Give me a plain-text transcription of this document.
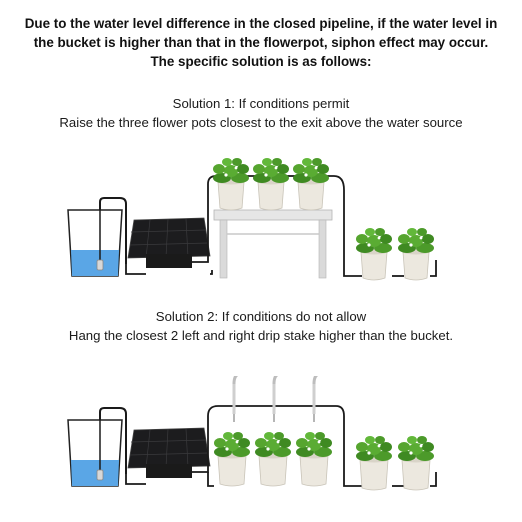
Due to the water level difference in the closed pipeline, if the water level in
the bucket is higher than that in the flowerpot, siphon effect may occur.
The specific solution is as follows:
Solution 1: If conditions permit
Raise the three flower pots closest to the exit above the water source
Solution 2: If conditions do not allow
Hang the closest 2 left and right drip stake higher than the bucket.
